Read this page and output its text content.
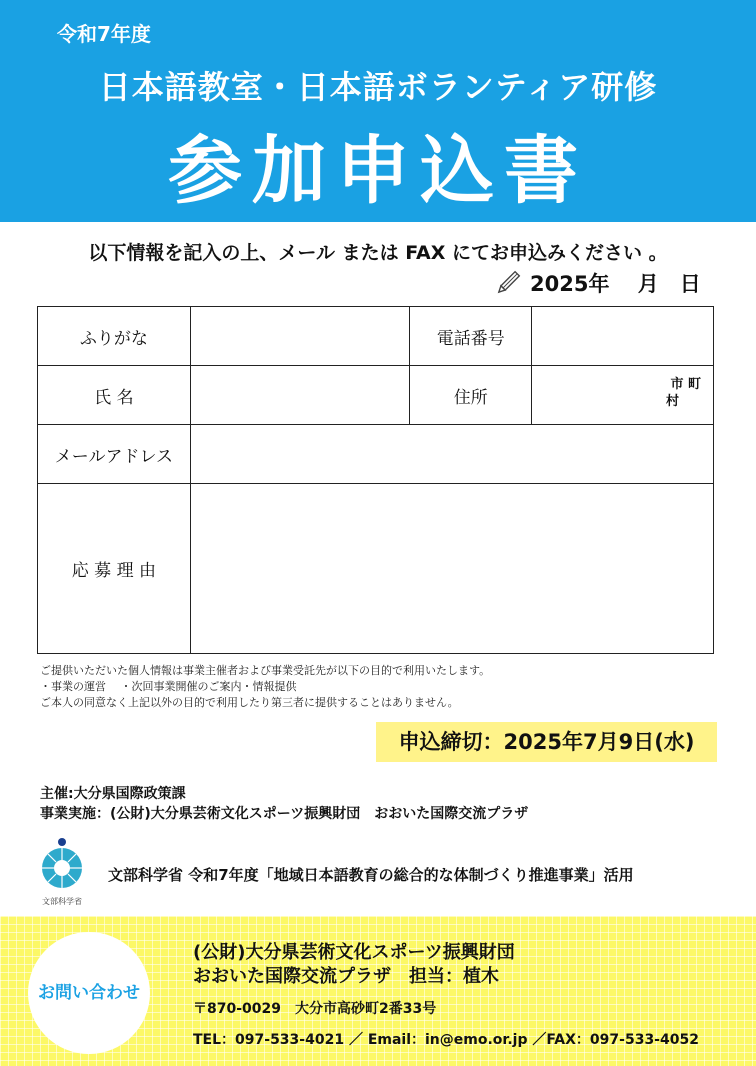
令和7年度
日本語教室・日本語ボランティア研修
参加申込書
以下情報を記入の上、メール または FAX にてお申込みください 。
2025年　 月　日
ふりがな		電話番号	
氏 名		住所	市 町
村

メールアドレス			
応 募 理 由			
ご提供いただいた個人情報は事業主催者および事業受託先が以下の目的で利用いたします。
・事業の運営　 ・次回事業開催のご案内・情報提供
ご本人の同意なく上記以外の目的で利用したり第三者に提供することはありません。
申込締切：2025年7月9日(水)
主催:大分県国際政策課
事業実施：(公財)大分県芸術文化スポーツ振興財団　おおいた国際交流プラザ
文部科学省
文部科学省 令和7年度「地域日本語教育の総合的な体制づくり推進事業」活用
お問い合わせ
(公財)大分県芸術文化スポーツ振興財団
おおいた国際交流プラザ　担当：植木
〒870-0029　大分市高砂町2番33号
TEL：097-533-4021 ／ Email：in@emo.or.jp ／FAX：097-533-4052
